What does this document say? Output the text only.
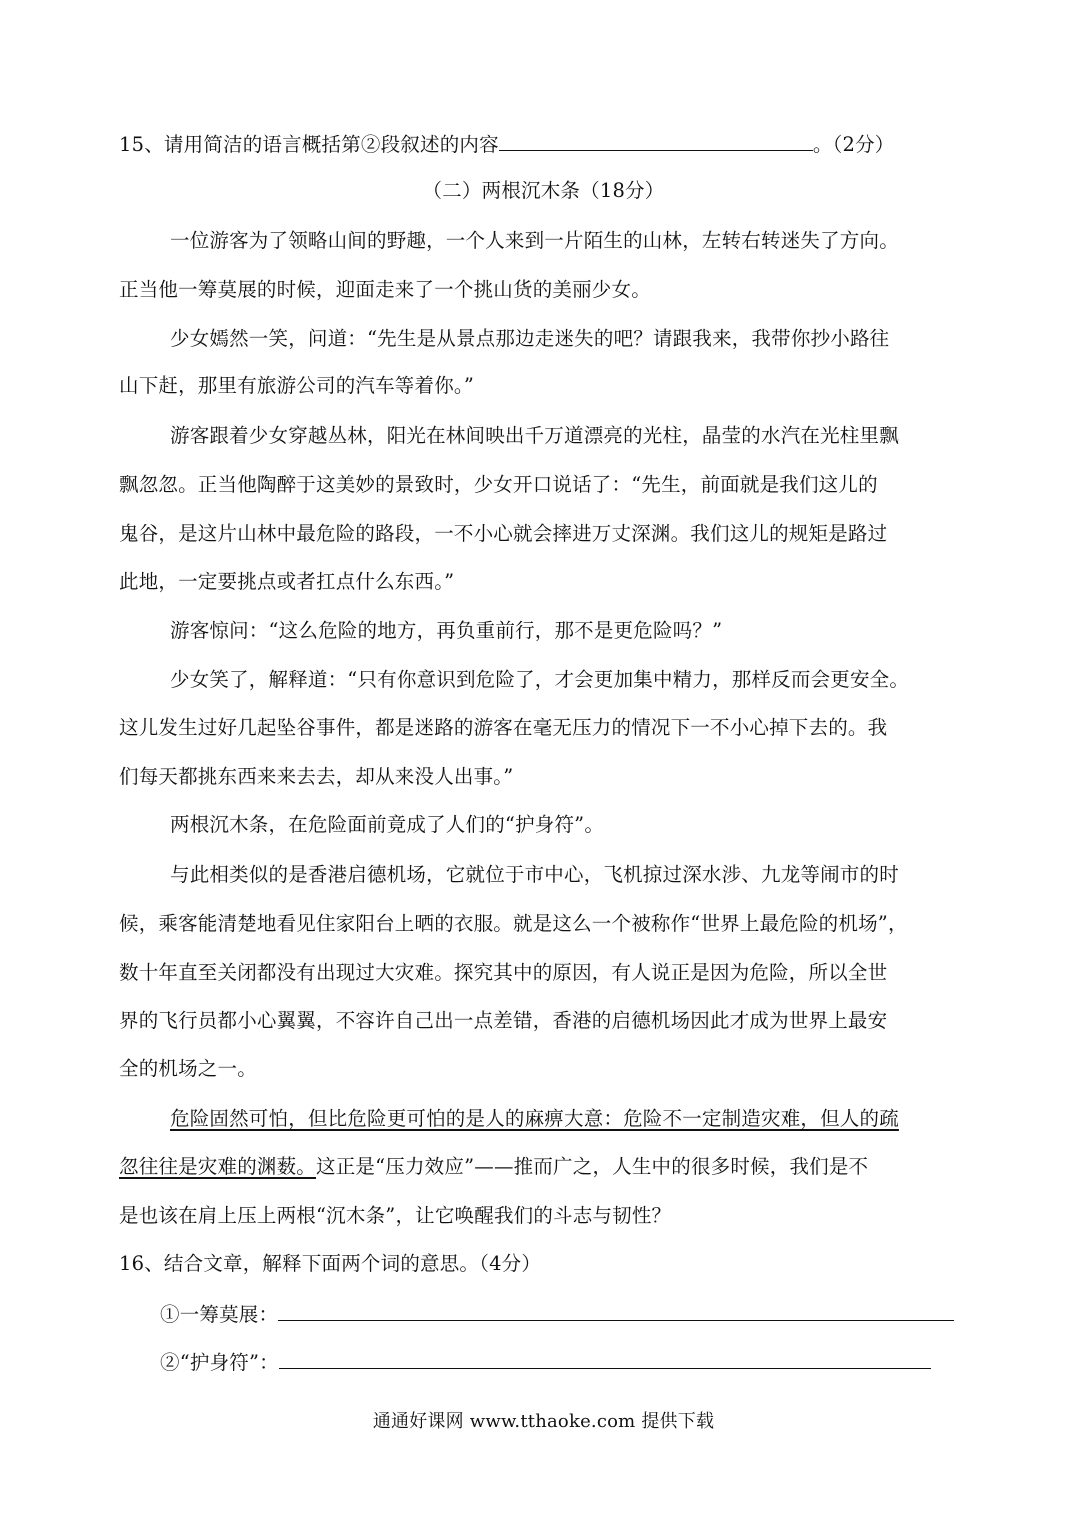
15、请用简洁的语言概括第②段叙述的内容	。（2分）
（二）两根沉木条（18分）
一位游客为了领略山间的野趣，一个人来到一片陌生的山林，左转右转迷失了方向。
正当他一筹莫展的时候，迎面走来了一个挑山货的美丽少女。
少女嫣然一笑，问道：“先生是从景点那边走迷失的吧？请跟我来，我带你抄小路往
山下赶，那里有旅游公司的汽车等着你。”
游客跟着少女穿越丛林，阳光在林间映出千万道漂亮的光柱，晶莹的水汽在光柱里飘
飘忽忽。正当他陶醉于这美妙的景致时，少女开口说话了：“先生，前面就是我们这儿的
鬼谷，是这片山林中最危险的路段，一不小心就会摔进万丈深渊。我们这儿的规矩是路过
此地，一定要挑点或者扛点什么东西。”
游客惊问：“这么危险的地方，再负重前行，那不是更危险吗？”
少女笑了，解释道：“只有你意识到危险了，才会更加集中精力，那样反而会更安全。
这儿发生过好几起坠谷事件，都是迷路的游客在毫无压力的情况下一不小心掉下去的。我
们每天都挑东西来来去去，却从来没人出事。”
两根沉木条，在危险面前竟成了人们的“护身符”。
与此相类似的是香港启德机场，它就位于市中心，飞机掠过深水涉、九龙等闹市的时
候，乘客能清楚地看见住家阳台上晒的衣服。就是这么一个被称作“世界上最危险的机场”，
数十年直至关闭都没有出现过大灾难。探究其中的原因，有人说正是因为危险，所以全世
界的飞行员都小心翼翼，不容许自己出一点差错，香港的启德机场因此才成为世界上最安
全的机场之一。
危险固然可怕，但比危险更可怕的是人的麻痹大意：危险不一定制造灾难，但人的疏
忽往往是灾难的渊薮。这正是“压力效应”——推而广之，人生中的很多时候，我们是不
是也该在肩上压上两根“沉木条”，让它唤醒我们的斗志与韧性？
16、结合文章，解释下面两个词的意思。（4分）
①一筹莫展：
②“护身符”：
通通好课网 www.tthaoke.com 提供下载
